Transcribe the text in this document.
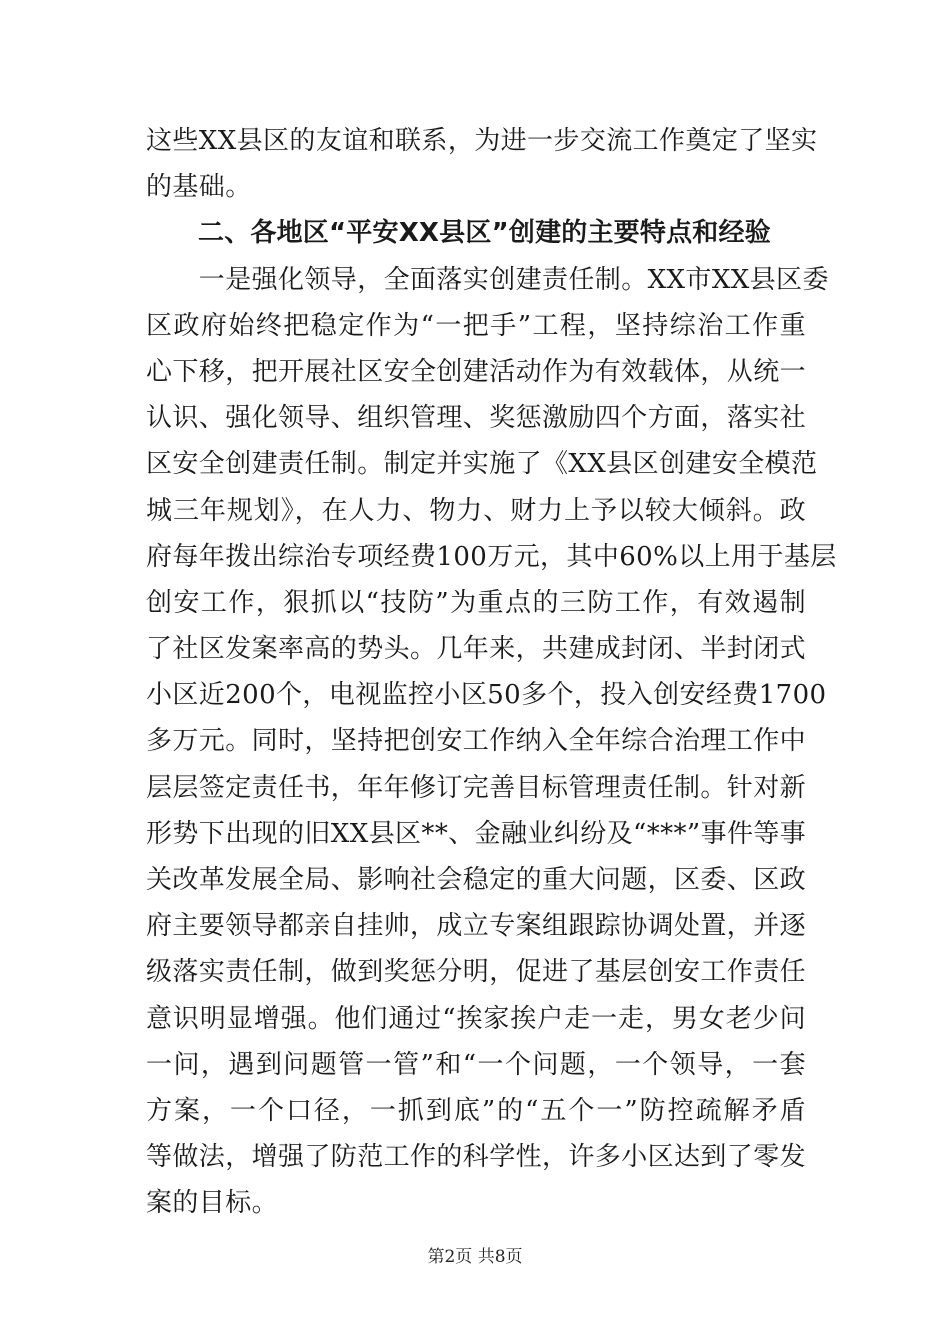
这些XX县区的友谊和联系，为进一步交流工作奠定了坚实
的基础。
二、各地区“平安XX县区”创建的主要特点和经验
　　一是强化领导，全面落实创建责任制。XX市XX县区委
区政府始终把稳定作为“一把手”工程，坚持综治工作重
心下移，把开展社区安全创建活动作为有效载体，从统一
认识、强化领导、组织管理、奖惩激励四个方面，落实社
区安全创建责任制。制定并实施了《XX县区创建安全模范
城三年规划》，在人力、物力、财力上予以较大倾斜。政
府每年拨出综治专项经费100万元，其中60%以上用于基层
创安工作，狠抓以“技防”为重点的三防工作，有效遏制
了社区发案率高的势头。几年来，共建成封闭、半封闭式
小区近200个，电视监控小区50多个，投入创安经费1700
多万元。同时，坚持把创安工作纳入全年综合治理工作中
层层签定责任书，年年修订完善目标管理责任制。针对新
形势下出现的旧XX县区**、金融业纠纷及“***”事件等事
关改革发展全局、影响社会稳定的重大问题，区委、区政
府主要领导都亲自挂帅，成立专案组跟踪协调处置，并逐
级落实责任制，做到奖惩分明，促进了基层创安工作责任
意识明显增强。他们通过“挨家挨户走一走，男女老少问
一问，遇到问题管一管”和“一个问题，一个领导，一套
方案，一个口径，一抓到底”的“五个一”防控疏解矛盾
等做法，增强了防范工作的科学性，许多小区达到了零发
案的目标。
第2页 共8页
